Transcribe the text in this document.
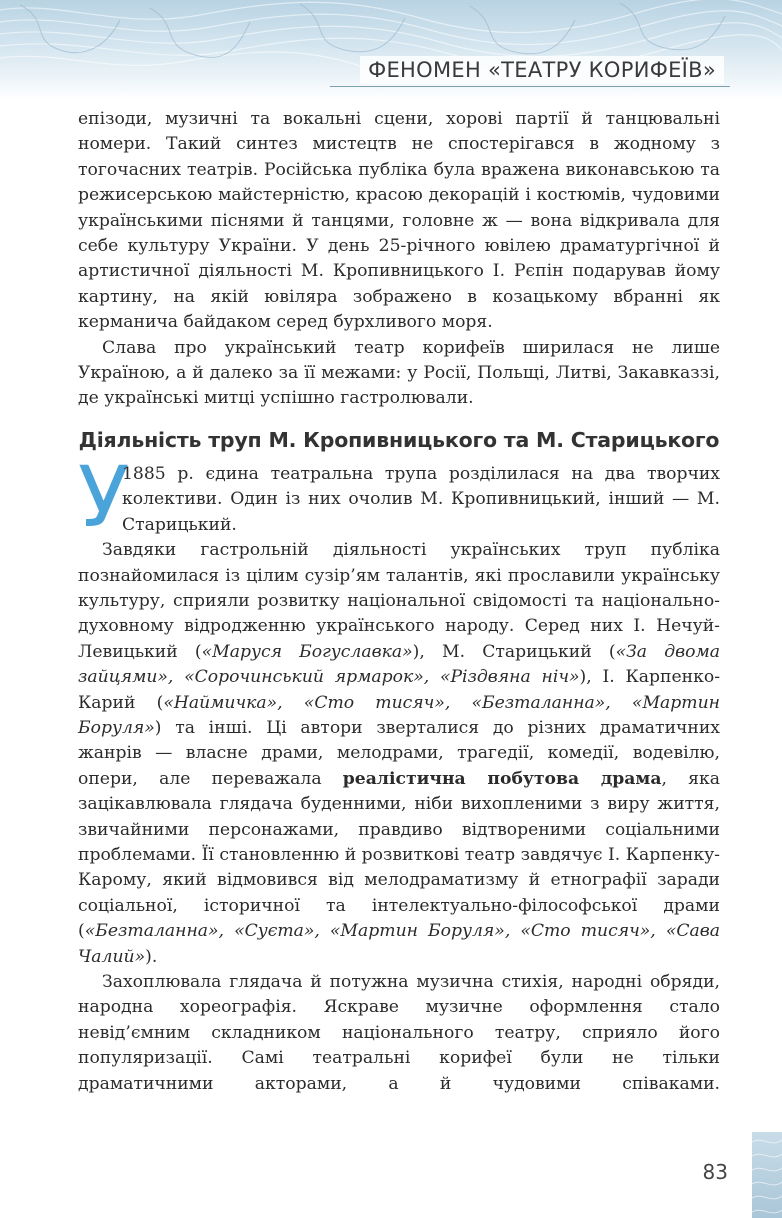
ФЕНОМЕН «ТЕАТРУ КОРИФЕЇВ»

епізоди, музичні та вокальні сцени, хорові партії й танцювальні номери. Такий синтез мистецтв не спостерігався в жодному з тогочасних театрів. Російська публіка була вражена виконавською та режисерською майстерністю, красою декорацій і костюмів, чудовими українськими піснями й танцями, головне ж — вона відкривала для себе культуру України. У день 25-річного ювілею драматургічної й артистичної діяльності М. Кропивницького І. Рєпін подарував йому картину, на якій ювіляра зображено в козацькому вбранні як керманича байдаком серед бурхливого моря.

Слава про український театр корифеїв ширилася не лише Україною, а й далеко за її межами: у Росії, Польщі, Литві, Закавказзі, де українські митці успішно гастролювали.

Діяльність труп М. Кропивницького та М. Старицького
У

1885 р. єдина театральна трупа розділилася на два творчих колективи. Один із них очолив М. Кропивницький, інший — М. Старицький.

Завдяки гастрольній діяльності українських труп публіка познайомилася із цілим сузір’ям талантів, які прославили українську культуру, сприяли розвитку національної свідомості та національно-духовному відродженню українського народу. Серед них І. Нечуй-Левицький («Маруся Богуславка»), М. Старицький («За двома зайцями», «Сорочинський ярмарок», «Різдвяна ніч»), І. Карпенко-Карий («Наймичка», «Сто тисяч», «Безталанна», «Мартин Боруля») та інші. Ці автори зверталися до різних драматичних жанрів — власне драми, мелодрами, трагедії, комедії, водевілю, опери, але переважала реалістична побутова драма, яка зацікавлювала глядача буденними, ніби вихопленими з виру життя, звичайними персонажами, правдиво відтвореними соціальними проблемами. Її становленню й розвиткові театр завдячує І. Карпенку-Карому, який відмовився від мелодраматизму й етнографії заради соціальної, історичної та інтелектуально-філософської драми («Безталанна», «Суєта», «Мартин Боруля», «Сто тисяч», «Сава Чалий»).

Захоплювала глядача й потужна музична стихія, народні обряди, народна хореографія. Яскраве музичне оформлення стало невід’ємним складником національного театру, сприяло його популяризації. Самі театральні корифеї були не тільки драматичними акторами, а й чудовими співаками.

83
